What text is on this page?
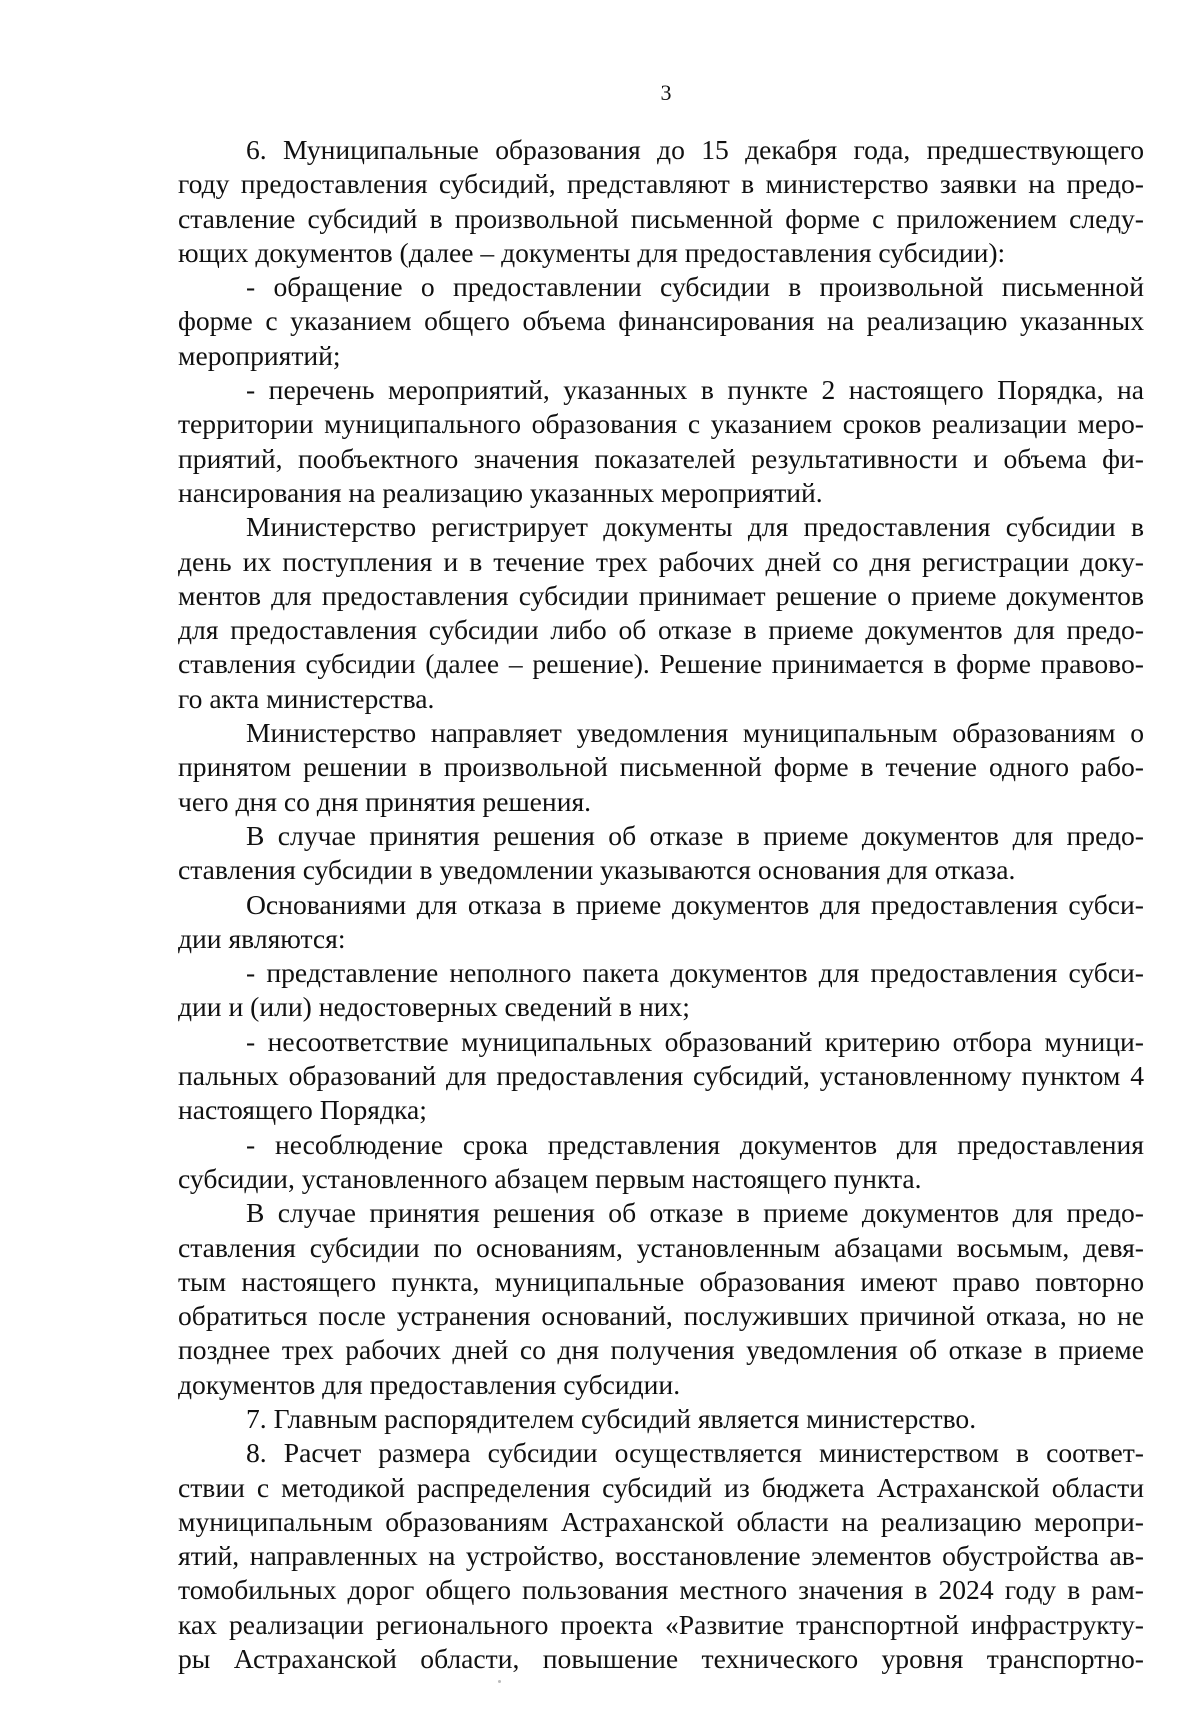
3
6. Муниципальные образования до 15 декабря года, предшествующего
году предоставления субсидий, представляют в министерство заявки на предо-
ставление субсидий в произвольной письменной форме с приложением следу-
ющих документов (далее – документы для предоставления субсидии):
- обращение о предоставлении субсидии в произвольной письменной
форме с указанием общего объема финансирования на реализацию указанных
мероприятий;
- перечень мероприятий, указанных в пункте 2 настоящего Порядка, на
территории муниципального образования с указанием сроков реализации меро-
приятий, пообъектного значения показателей результативности и объема фи-
нансирования на реализацию указанных мероприятий.
Министерство регистрирует документы для предоставления субсидии в
день их поступления и в течение трех рабочих дней со дня регистрации доку-
ментов для предоставления субсидии принимает решение о приеме документов
для предоставления субсидии либо об отказе в приеме документов для предо-
ставления субсидии (далее – решение). Решение принимается в форме правово-
го акта министерства.
Министерство направляет уведомления муниципальным образованиям о
принятом решении в произвольной письменной форме в течение одного рабо-
чего дня со дня принятия решения.
В случае принятия решения об отказе в приеме документов для предо-
ставления субсидии в уведомлении указываются основания для отказа.
Основаниями для отказа в приеме документов для предоставления субси-
дии являются:
- представление неполного пакета документов для предоставления субси-
дии и (или) недостоверных сведений в них;
- несоответствие муниципальных образований критерию отбора муници-
пальных образований для предоставления субсидий, установленному пунктом 4
настоящего Порядка;
- несоблюдение срока представления документов для предоставления
субсидии, установленного абзацем первым настоящего пункта.
В случае принятия решения об отказе в приеме документов для предо-
ставления субсидии по основаниям, установленным абзацами восьмым, девя-
тым настоящего пункта, муниципальные образования имеют право повторно
обратиться после устранения оснований, послуживших причиной отказа, но не
позднее трех рабочих дней со дня получения уведомления об отказе в приеме
документов для предоставления субсидии.
7. Главным распорядителем субсидий является министерство.
8. Расчет размера субсидии осуществляется министерством в соответ-
ствии с методикой распределения субсидий из бюджета Астраханской области
муниципальным образованиям Астраханской области на реализацию меропри-
ятий, направленных на устройство, восстановление элементов обустройства ав-
томобильных дорог общего пользования местного значения в 2024 году в рам-
ках реализации регионального проекта «Развитие транспортной инфраструкту-
ры Астраханской области, повышение технического уровня транспортно-
